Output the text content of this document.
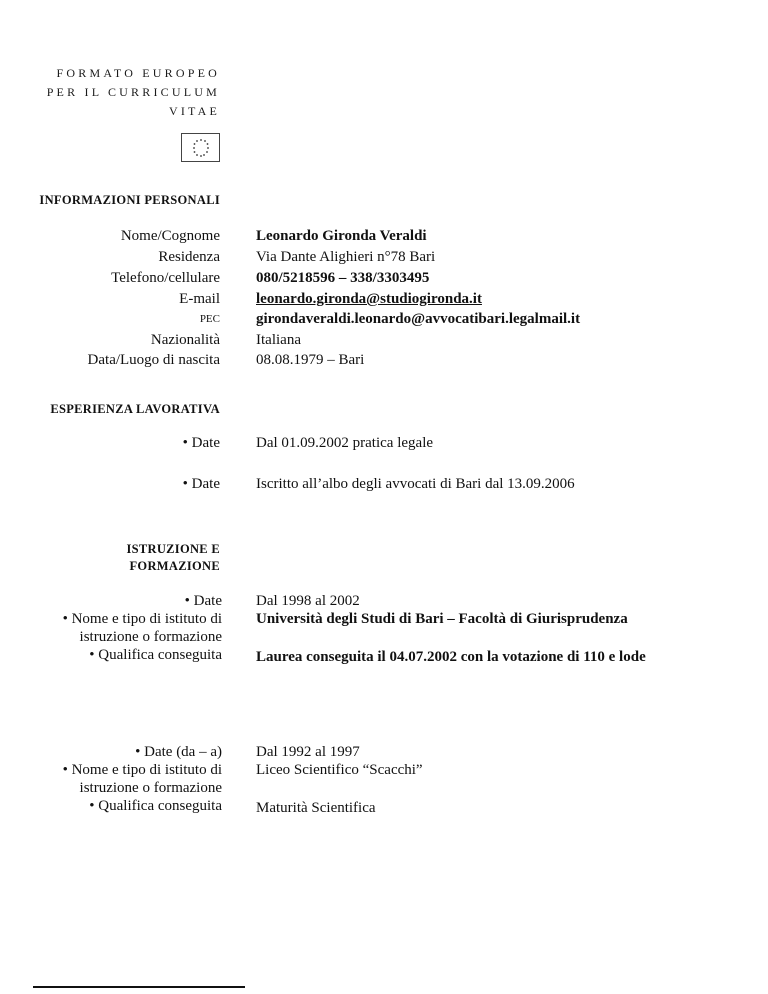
FORMATO EUROPEO
PER IL CURRICULUM
VITAE
INFORMAZIONI PERSONALI
Nome/Cognome Leonardo Gironda Veraldi
Residenza Via Dante Alighieri n°78 Bari
Telefono/cellulare 080/5218596 – 338/3303495
E-mail leonardo.gironda@studiogironda.it
PEC girondaveraldi.leonardo@avvocatibari.legalmail.it
Nazionalità Italiana
Data/Luogo di nascita 08.08.1979 – Bari
ESPERIENZA LAVORATIVA
• Date Dal 01.09.2002 pratica legale
• Date Iscritto all’albo degli avvocati di Bari dal 13.09.2006
ISTRUZIONE E
FORMAZIONE
• Date
• Nome e tipo di istituto di
istruzione o formazione
• Qualifica conseguita
Dal 1998 al 2002
Università degli Studi di Bari – Facoltà di Giurisprudenza
Laurea conseguita il 04.07.2002 con la votazione di 110 e lode
• Date (da – a)
• Nome e tipo di istituto di
istruzione o formazione
• Qualifica conseguita
Dal 1992 al 1997
Liceo Scientifico “Scacchi”
Maturità Scientifica
